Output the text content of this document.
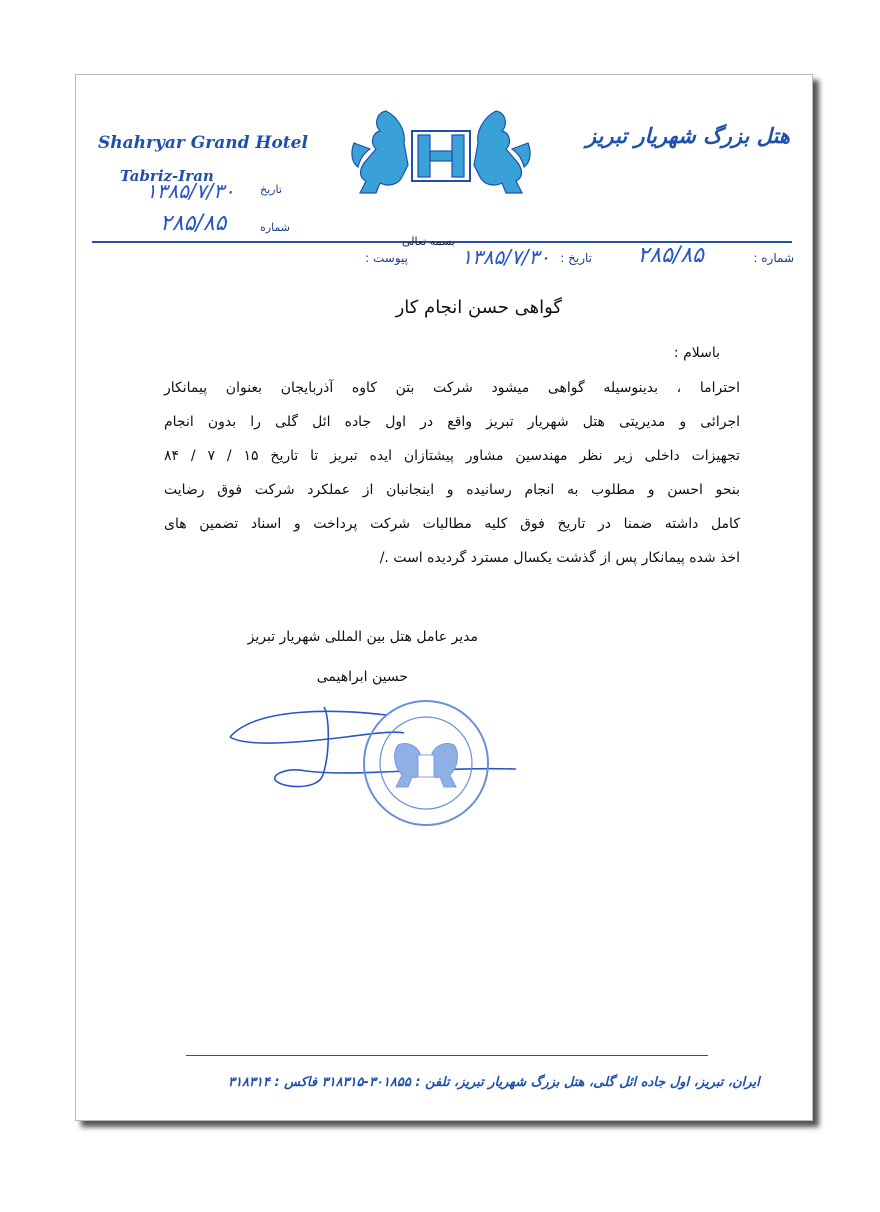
Shahryar Grand Hotel
Tabriz-Iran
تاریخ
۱۳۸۵/۷/۳۰
شماره
۲۸۵/۸۵
هتل بزرگ شهریار تبریز
بسمه تعالی
شماره :
۲۸۵/۸۵
تاریخ :
۱۳۸۵/۷/۳۰
پیوست :
گواهی حسن انجام کار
باسلام :
احتراما ، بدینوسیله گواهی میشود شرکت بتن کاوه آذربایجان بعنوان پیمانکار
اجرائی و مدیریتی هتل شهریار تبریز واقع در اول جاده ائل گلی را بدون انجام
تجهیزات داخلی زیر نظر مهندسین مشاور پیشتازان ایده تبریز تا تاریخ ۱۵ / ۷ / ۸۴
بنحو احسن و مطلوب به انجام رسانیده و اینجانبان از عملکرد شرکت فوق رضایت
کامل داشته ضمنا در تاریخ فوق کلیه مطالبات شرکت پرداخت و اسناد تضمین های
اخذ شده پیمانکار پس از گذشت یکسال مسترد گردیده است ./
مدیر عامل هتل بین المللی شهریار تبریز
حسین ابراهیمی
ایران، تبریز، اول جاده ائل گلی، هتل بزرگ شهریار تبریز، تلفن : ۳۰۱۸۵۵-۳۱۸۳۱۵ فاکس : ۳۱۸۳۱۴
